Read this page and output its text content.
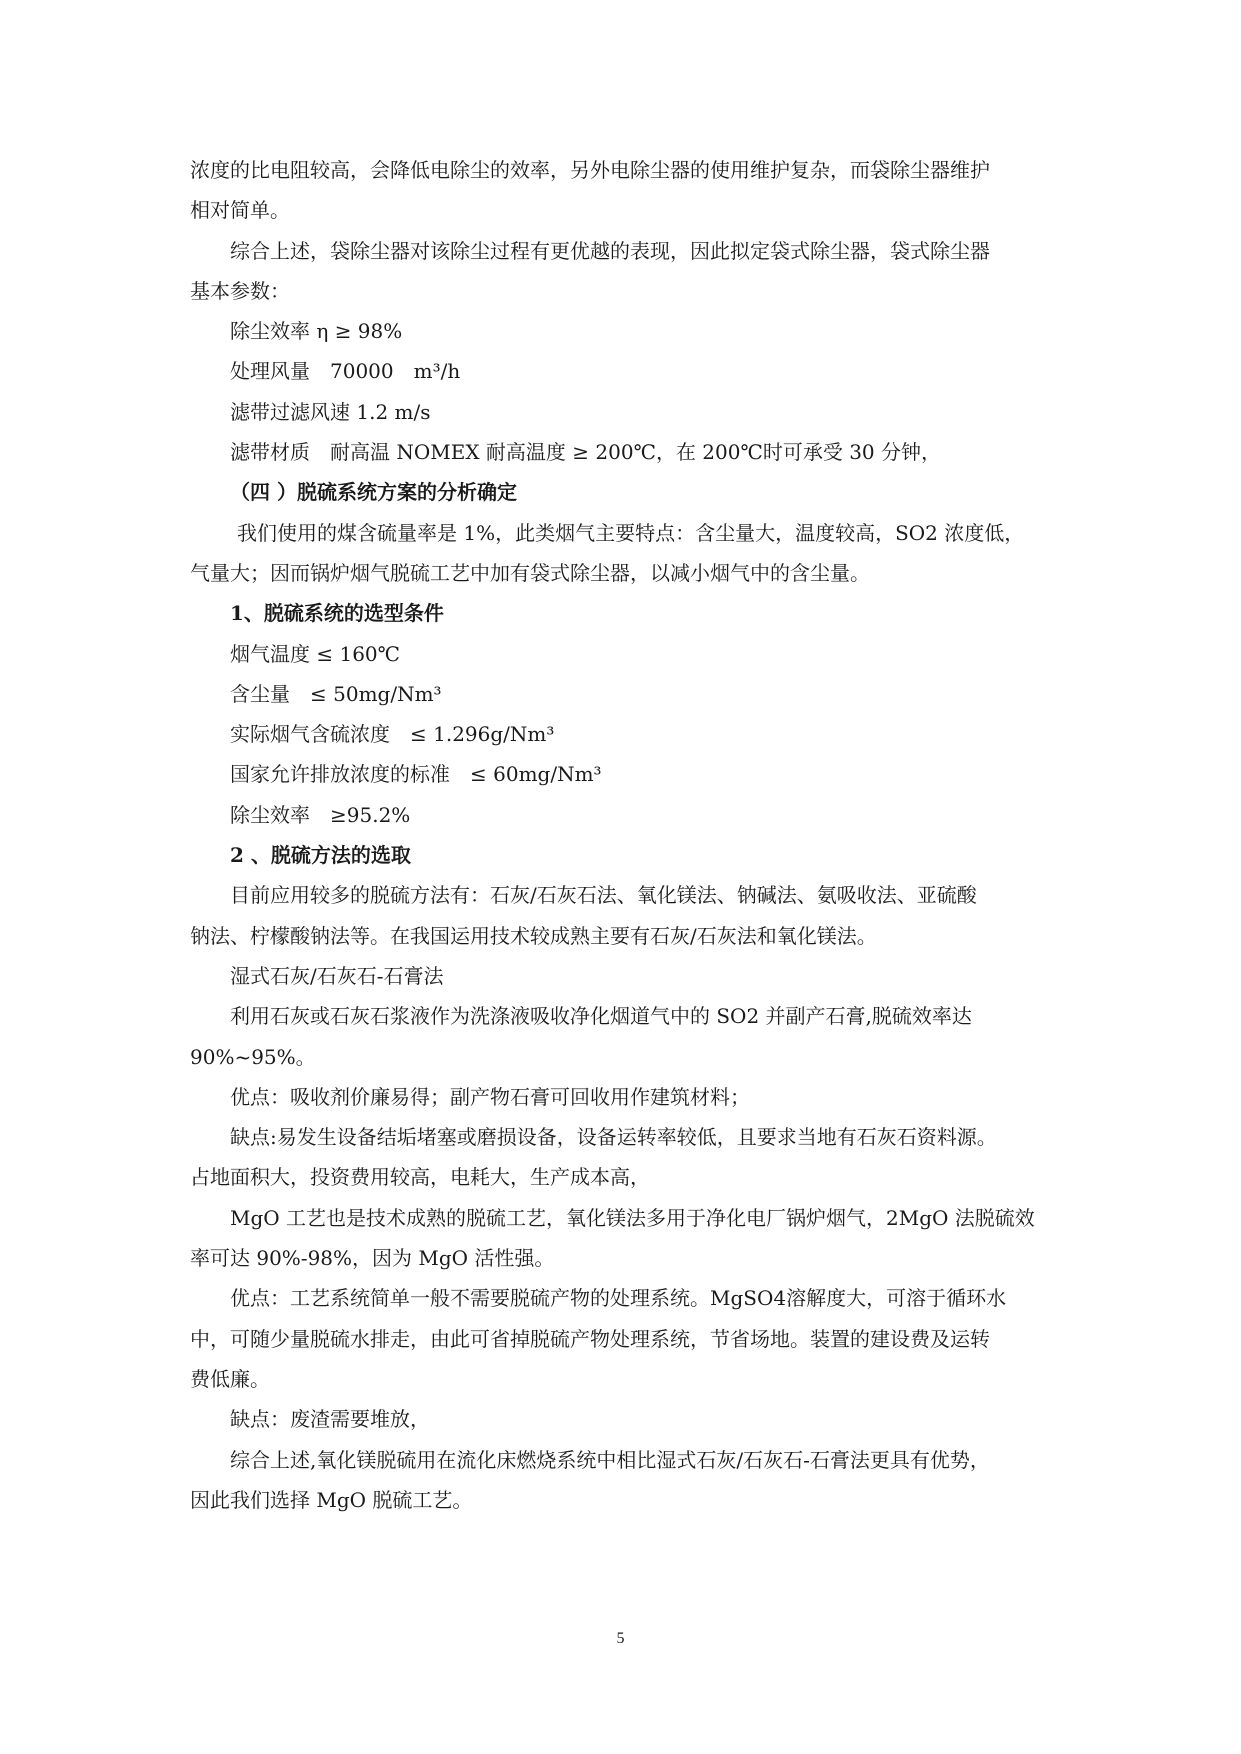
浓度的比电阻较高，会降低电除尘的效率，另外电除尘器的使用维护复杂，而袋除尘器维护
相对简单。
综合上述，袋除尘器对该除尘过程有更优越的表现，因此拟定袋式除尘器，袋式除尘器
基本参数：
除尘效率 η ≥ 98%
处理风量　70000　m³/h
滤带过滤风速 1.2 m/s
滤带材质　耐高温 NOMEX 耐高温度 ≥ 200℃，在 200℃时可承受 30 分钟，
（四 ）脱硫系统方案的分析确定
我们使用的煤含硫量率是 1%，此类烟气主要特点：含尘量大，温度较高，SO2 浓度低，
气量大；因而锅炉烟气脱硫工艺中加有袋式除尘器，以减小烟气中的含尘量。
1、脱硫系统的选型条件
烟气温度 ≤ 160℃
含尘量　≤ 50mg/Nm³
实际烟气含硫浓度　≤ 1.296g/Nm³
国家允许排放浓度的标准　≤ 60mg/Nm³
除尘效率　≥95.2%
2 、脱硫方法的选取
目前应用较多的脱硫方法有：石灰/石灰石法、氧化镁法、钠碱法、氨吸收法、亚硫酸
钠法、柠檬酸钠法等。在我国运用技术较成熟主要有石灰/石灰法和氧化镁法。
湿式石灰/石灰石-石膏法
利用石灰或石灰石浆液作为洗涤液吸收净化烟道气中的 SO2 并副产石膏,脱硫效率达
90%~95%。
优点：吸收剂价廉易得；副产物石膏可回收用作建筑材料；
缺点:易发生设备结垢堵塞或磨损设备，设备运转率较低，且要求当地有石灰石资料源。
占地面积大，投资费用较高，电耗大，生产成本高，
MgO 工艺也是技术成熟的脱硫工艺，氧化镁法多用于净化电厂锅炉烟气，2MgO 法脱硫效
率可达 90%-98%，因为 MgO 活性强。
优点：工艺系统简单一般不需要脱硫产物的处理系统。MgSO4溶解度大，可溶于循环水
中，可随少量脱硫水排走，由此可省掉脱硫产物处理系统，节省场地。装置的建设费及运转
费低廉。
缺点：废渣需要堆放，
综合上述,氧化镁脱硫用在流化床燃烧系统中相比湿式石灰/石灰石-石膏法更具有优势，
因此我们选择 MgO 脱硫工艺。
5
